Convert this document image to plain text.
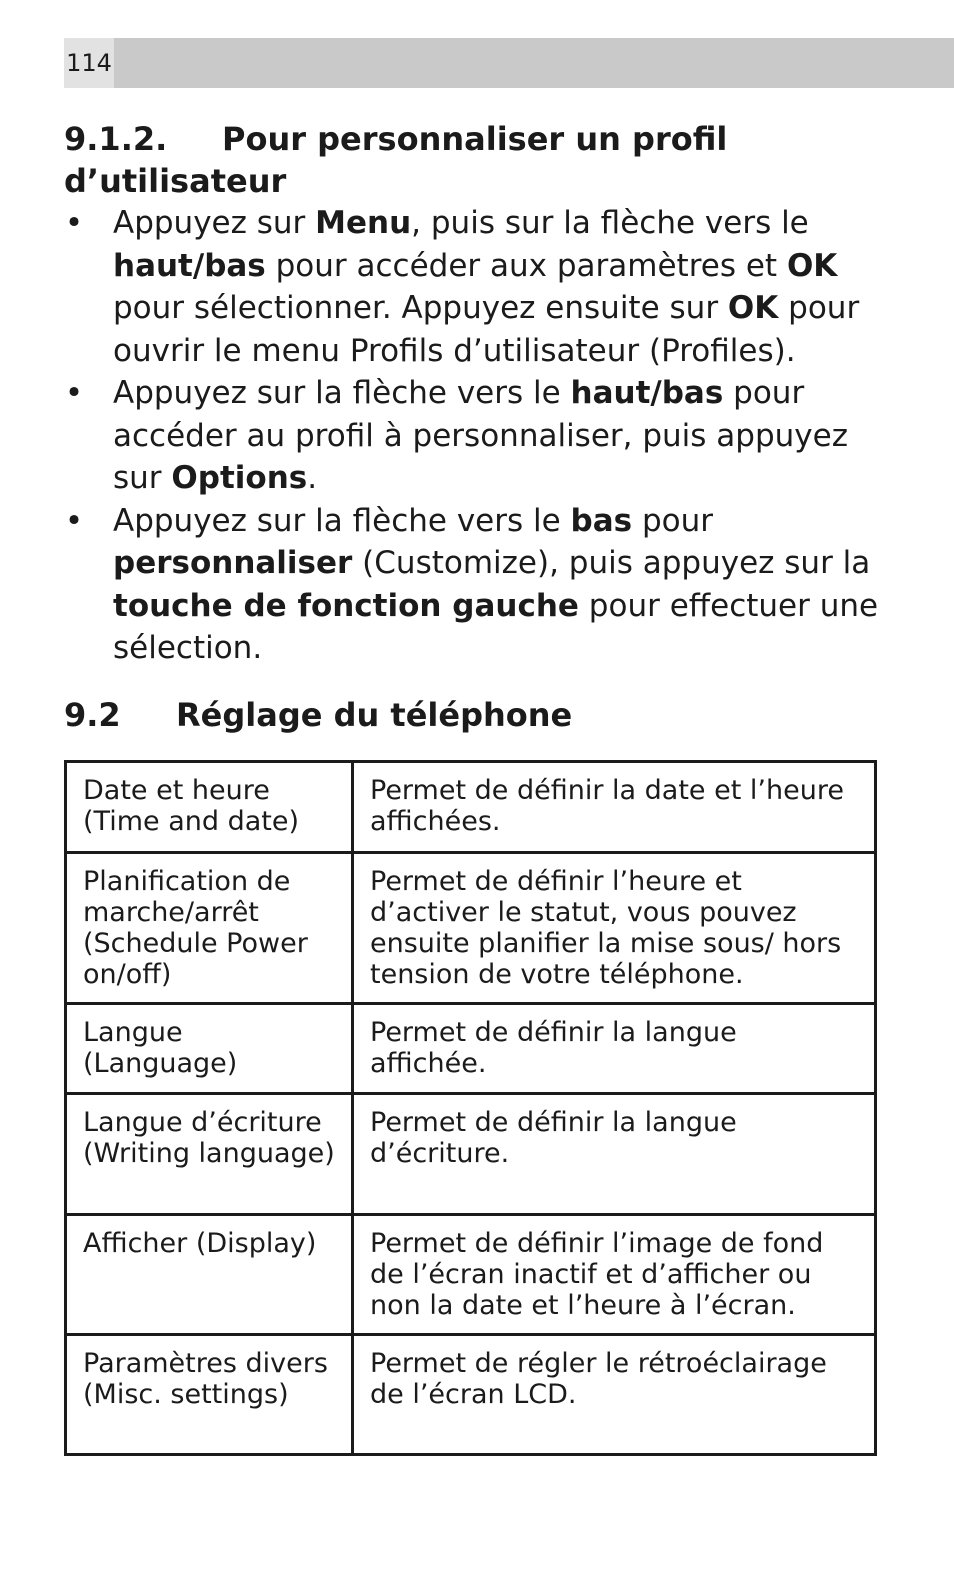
114
9.1.2. Pour personnaliser un profil d’utilisateur
• Appuyez sur Menu, puis sur la flèche vers le haut/bas pour accéder aux paramètres et OK pour sélectionner. Appuyez ensuite sur OK pour ouvrir le menu Profils d’utilisateur (Profiles).
• Appuyez sur la flèche vers le haut/bas pour accéder au profil à personnaliser, puis appuyez sur Options.
• Appuyez sur la flèche vers le bas pour personnaliser (Customize), puis appuyez sur la touche de fonction gauche pour effectuer une sélection.
9.2 Réglage du téléphone
Date et heure (Time and date)	Permet de définir la date et l’heure affichées.
Planification de marche/arrêt (Schedule Power on/off)	Permet de définir l’heure et d’activer le statut, vous pouvez ensuite planifier la mise sous/ hors tension de votre téléphone.
Langue (Language)	Permet de définir la langue affichée.
Langue d’écriture (Writing language)	Permet de définir la langue d’écriture.
Afficher (Display)	Permet de définir l’image de fond de l’écran inactif et d’afficher ou non la date et l’heure à l’écran.
Paramètres divers (Misc. settings)	Permet de régler le rétroéclairage de l’écran LCD.
